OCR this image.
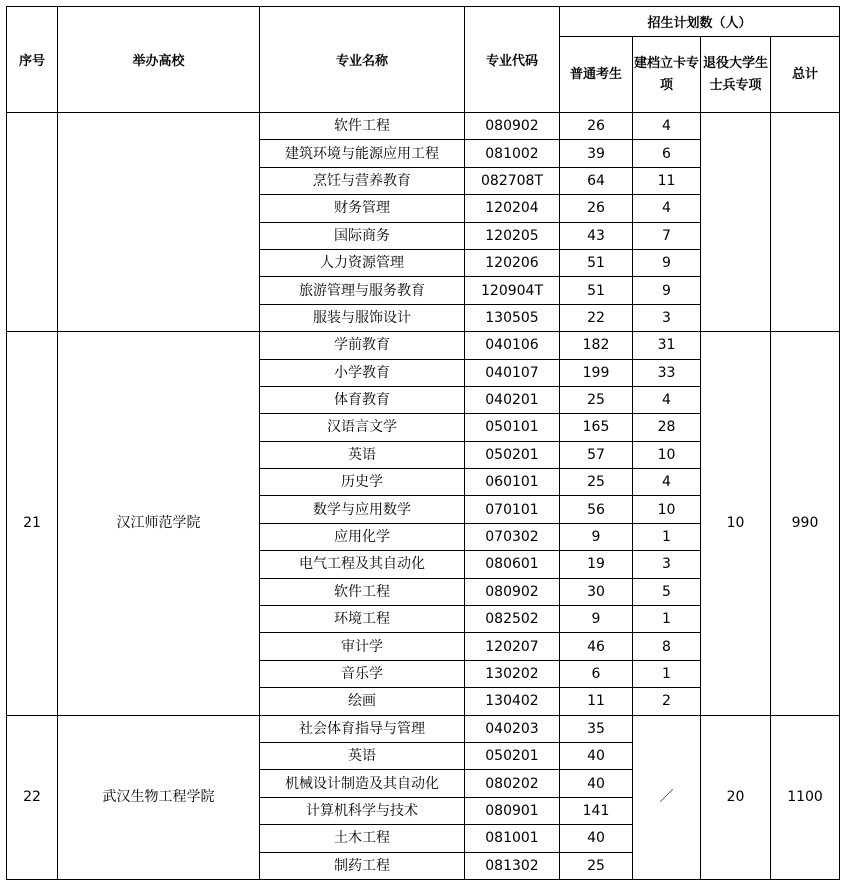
序号	举办高校	专业名称	专业代码	招生计划数（人）			
				普通考生	建档立卡专项	退役大学生士兵专项	总计
		软件工程	080902	26	4		
		建筑环境与能源应用工程	081002	39	6		
		烹饪与营养教育	082708T	64	11		
		财务管理	120204	26	4		
		国际商务	120205	43	7		
		人力资源管理	120206	51	9		
		旅游管理与服务教育	120904T	51	9		
		服装与服饰设计	130505	22	3		
21	汉江师范学院	学前教育	040106	182	31	10	990
		小学教育	040107	199	33		
		体育教育	040201	25	4		
		汉语言文学	050101	165	28		
		英语	050201	57	10		
		历史学	060101	25	4		
		数学与应用数学	070101	56	10		
		应用化学	070302	9	1		
		电气工程及其自动化	080601	19	3		
		软件工程	080902	30	5		
		环境工程	082502	9	1		
		审计学	120207	46	8		
		音乐学	130202	6	1		
		绘画	130402	11	2		
22	武汉生物工程学院	社会体育指导与管理	040203	35	／	20	1100
		英语	050201	40			
		机械设计制造及其自动化	080202	40			
		计算机科学与技术	080901	141			
		土木工程	081001	40			
		制药工程	081302	25			
